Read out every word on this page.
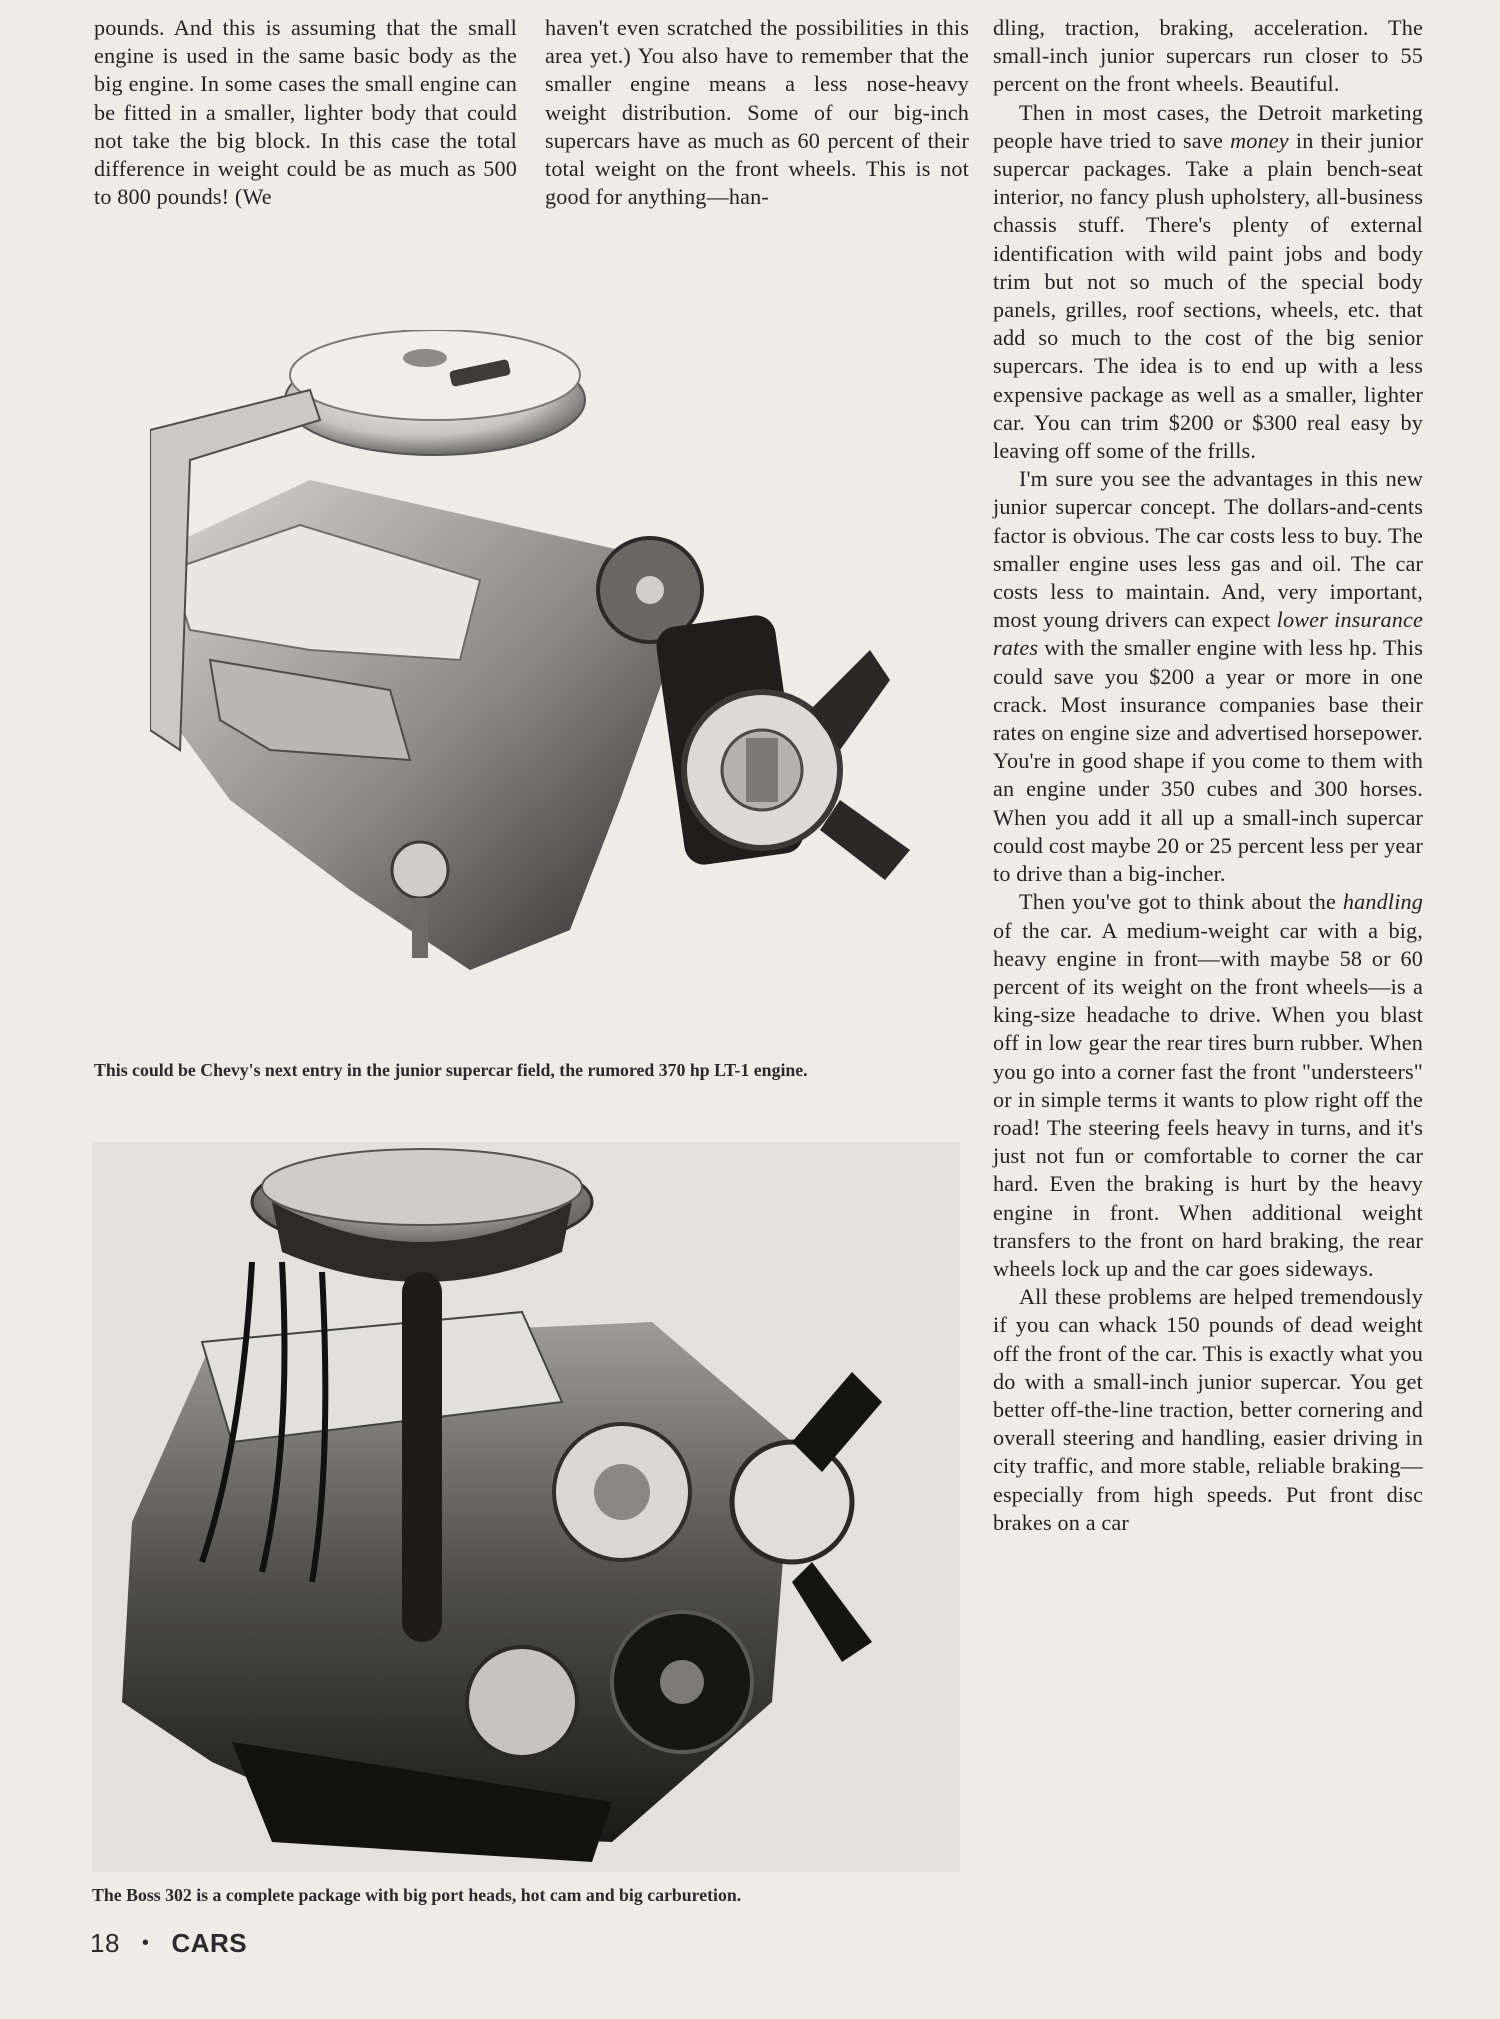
pounds. And this is assuming that the small engine is used in the same basic body as the big engine. In some cases the small engine can be fitted in a smaller, lighter body that could not take the big block. In this case the total difference in weight could be as much as 500 to 800 pounds! (We

haven't even scratched the possibilities in this area yet.) You also have to remember that the smaller engine means a less nose-heavy weight distribution. Some of our big-inch supercars have as much as 60 percent of their total weight on the front wheels. This is not good for anything—han-

dling, traction, braking, acceleration. The small-inch junior supercars run closer to 55 percent on the front wheels. Beautiful.

Then in most cases, the Detroit marketing people have tried to save money in their junior supercar packages. Take a plain bench-seat interior, no fancy plush upholstery, all-business chassis stuff. There's plenty of external identification with wild paint jobs and body trim but not so much of the special body panels, grilles, roof sections, wheels, etc. that add so much to the cost of the big senior supercars. The idea is to end up with a less expensive package as well as a smaller, lighter car. You can trim $200 or $300 real easy by leaving off some of the frills.

I'm sure you see the advantages in this new junior supercar concept. The dollars-and-cents factor is obvious. The car costs less to buy. The smaller engine uses less gas and oil. The car costs less to maintain. And, very important, most young drivers can expect lower insurance rates with the smaller engine with less hp. This could save you $200 a year or more in one crack. Most insurance companies base their rates on engine size and advertised horsepower. You're in good shape if you come to them with an engine under 350 cubes and 300 horses. When you add it all up a small-inch supercar could cost maybe 20 or 25 percent less per year to drive than a big-incher.

Then you've got to think about the handling of the car. A medium-weight car with a big, heavy engine in front—with maybe 58 or 60 percent of its weight on the front wheels—is a king-size headache to drive. When you blast off in low gear the rear tires burn rubber. When you go into a corner fast the front "understeers" or in simple terms it wants to plow right off the road! The steering feels heavy in turns, and it's just not fun or comfortable to corner the car hard. Even the braking is hurt by the heavy engine in front. When additional weight transfers to the front on hard braking, the rear wheels lock up and the car goes sideways.

All these problems are helped tremendously if you can whack 150 pounds of dead weight off the front of the car. This is exactly what you do with a small-inch junior supercar. You get better off-the-line traction, better cornering and overall steering and handling, easier driving in city traffic, and more stable, reliable braking—especially from high speeds. Put front disc brakes on a car

This could be Chevy's next entry in the junior supercar field, the rumored 370 hp LT-1 engine.
The Boss 302 is a complete package with big port heads, hot cam and big carburetion.
18 • CARS
